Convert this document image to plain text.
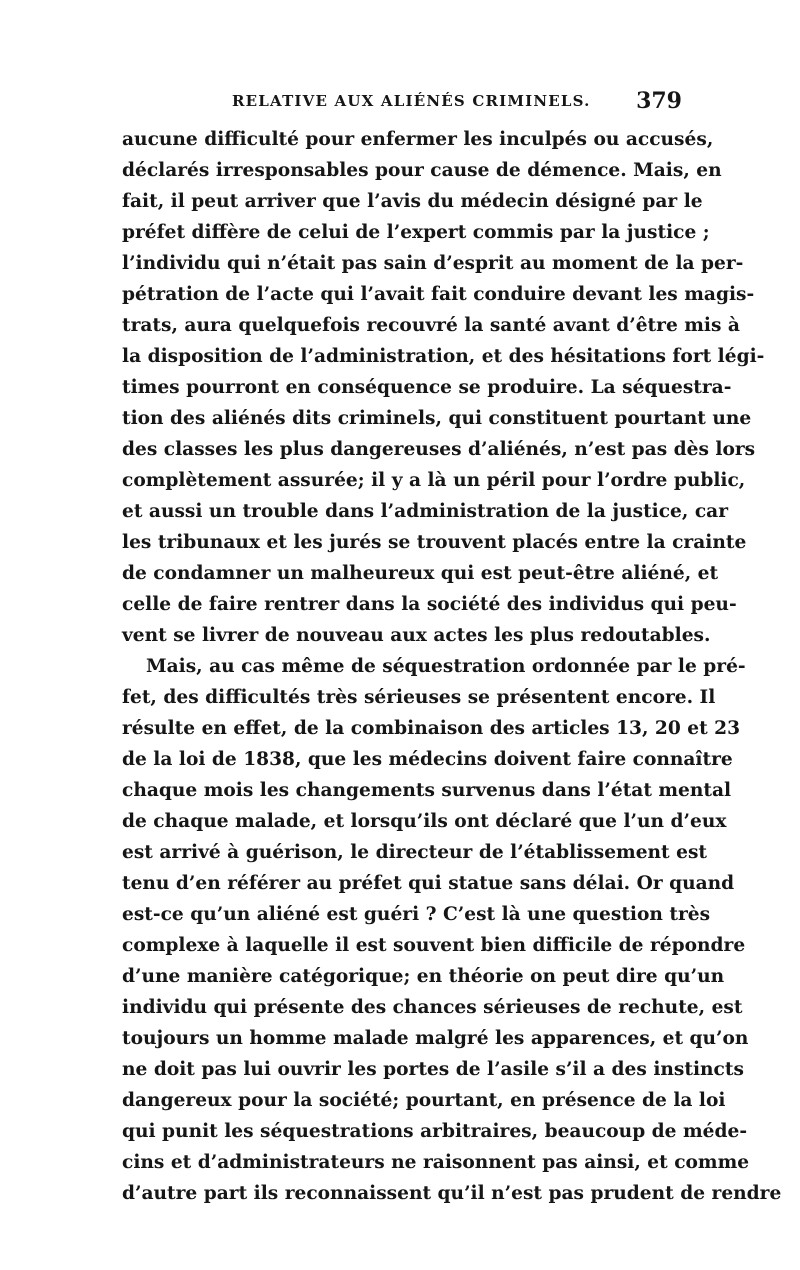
RELATIVE AUX ALIÉNÉS CRIMINELS. 379
aucune difficulté pour enfermer les inculpés ou accusés,
déclarés irresponsables pour cause de démence. Mais, en
fait, il peut arriver que l’avis du médecin désigné par le
préfet diffère de celui de l’expert commis par la justice ;
l’individu qui n’était pas sain d’esprit au moment de la per-
pétration de l’acte qui l’avait fait conduire devant les magis-
trats, aura quelquefois recouvré la santé avant d’être mis à
la disposition de l’administration, et des hésitations fort légi-
times pourront en conséquence se produire. La séquestra-
tion des aliénés dits criminels, qui constituent pourtant une
des classes les plus dangereuses d’aliénés, n’est pas dès lors
complètement assurée; il y a là un péril pour l’ordre public,
et aussi un trouble dans l’administration de la justice, car
les tribunaux et les jurés se trouvent placés entre la crainte
de condamner un malheureux qui est peut-être aliéné, et
celle de faire rentrer dans la société des individus qui peu-
vent se livrer de nouveau aux actes les plus redoutables.
Mais, au cas même de séquestration ordonnée par le pré-
fet, des difficultés très sérieuses se présentent encore. Il
résulte en effet, de la combinaison des articles 13, 20 et 23
de la loi de 1838, que les médecins doivent faire connaître
chaque mois les changements survenus dans l’état mental
de chaque malade, et lorsqu’ils ont déclaré que l’un d’eux
est arrivé à guérison, le directeur de l’établissement est
tenu d’en référer au préfet qui statue sans délai. Or quand
est-ce qu’un aliéné est guéri ? C’est là une question très
complexe à laquelle il est souvent bien difficile de répondre
d’une manière catégorique; en théorie on peut dire qu’un
individu qui présente des chances sérieuses de rechute, est
toujours un homme malade malgré les apparences, et qu’on
ne doit pas lui ouvrir les portes de l’asile s’il a des instincts
dangereux pour la société; pourtant, en présence de la loi
qui punit les séquestrations arbitraires, beaucoup de méde-
cins et d’administrateurs ne raisonnent pas ainsi, et comme
d’autre part ils reconnaissent qu’il n’est pas prudent de rendre
